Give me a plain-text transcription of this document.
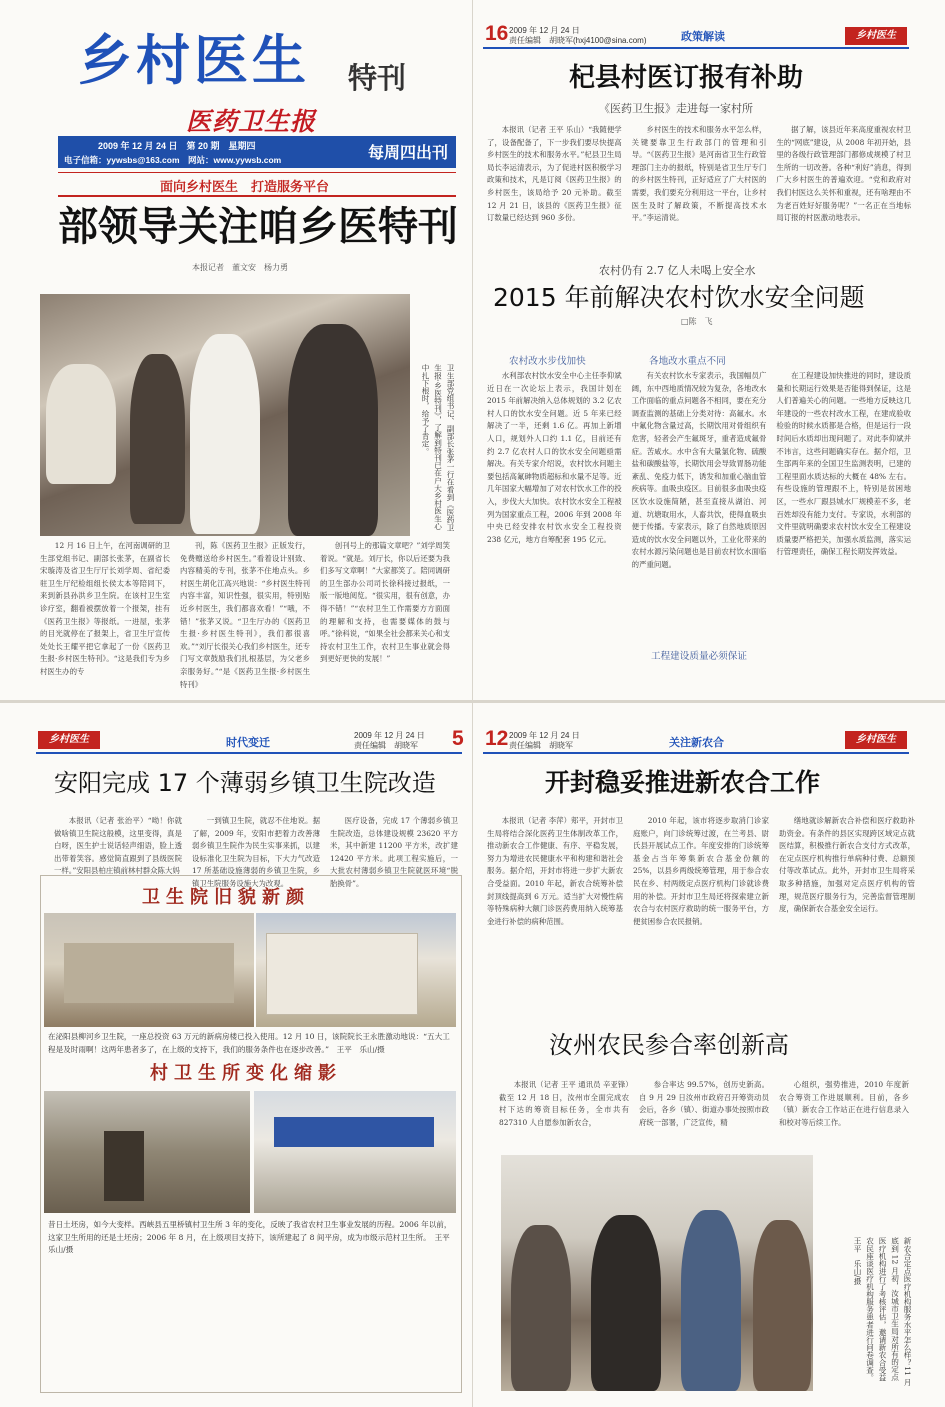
乡村医生 特刊
医药卫生报
2009 年 12 月 24 日　第 20 期　星期四
电子信箱：yywsbs@163.com　网站：www.yywsb.com	每周四出刊
面向乡村医生　打造服务平台
部领导关注咱乡医特刊
本报记者　董文安　杨力勇
卫生部党组书记、副部长张茅一行在看到《医药卫生报·乡医特刊》，了解到特刊已在户大乡村医生心中扎下根时，给予了肯定。

12 月 16 日上午，在河南调研的卫生部党组书记、副部长张茅，在副省长宋璇涛及省卫生厅厅长刘学周、省纪委驻卫生厅纪检组组长侯太本等陪同下，来到新县孙洪乡卫生院。在该村卫生室诊疗室，翻看被摆放着一个报架，挂有《医药卫生报》等报纸。一进屋，张茅的目光就停在了报架上，省卫生厅宣传处处长王耀平把它拿起了一份《医药卫生报·乡村医生特刊》。“这是我们专为乡村医生办的专

刊，陈《医药卫生报》正版发行，免费赠送给乡村医生。”看着设计别致、内容精美的专刊，张茅不住地点头。乡村医生胡化江高兴地说：“乡村医生特刊内容丰富，知识性强，很实用，特别贴近乡村医生，我们都喜欢看！”“哦，不错！”张茅又说。“卫生厅办的《医药卫生报·乡村医生特刊》，我们都很喜欢。”“刘厅长很关心我们乡村医生，还专门写文章鼓励我们扎根基层，为父老乡亲服务好。”“是《医药卫生报·乡村医生特刊》

创刊号上的那篇文章吧？”刘学周笑着说。“就是。刘厅长，你以后还要为我们多写文章啊！”大家都笑了。陪同调研的卫生部办公司司长徐科接过报纸，一版一版地阅览。“很实用，很有创意，办得不错！”“农村卫生工作需要方方面面的理解和支持，也需要媒体的鼓与呼。”徐科说，“如果全社会都来关心和支持农村卫生工作，农村卫生事业就会得到更好更快的发展！”

16 2009 年 12 月 24 日
责任编辑　胡晓军(hxj4100@sina.com)	政策解读	乡村医生
杞县村医订报有补助
《医药卫生报》走进每一家村所

本报讯（记者 王平 乐山）“我随便学了，设备配备了，下一步我们要尽快提高乡村医生的技术和服务水平。”杞县卫生局局长李运清表示，为了促进村医积极学习政策和技术，凡是订阅《医药卫生报》的乡村医生，该局给予 20 元补助。截至 12 月 21 日，该县的《医药卫生报》征订数量已经达到 960 多份。

乡村医生的技术和服务水平怎么样，关键要靠卫生行政部门的管理和引导。“《医药卫生报》是河南省卫生行政管理部门主办的报纸，特别是省卫生厅专门的乡村医生特刊，正好适应了广大村医的需要，我们要充分利用这一平台，让乡村医生及时了解政策，不断提高技术水平。”李运清说。

据了解，该县近年来高度重视农村卫生的“网底”建设，从 2008 年初开始，县里的各级行政管理部门都修成规模了村卫生所的一切改善。各种“利好”消息，得到广大乡村医生的普遍欢迎。“党和政府对我们村医这么关怀和重视，还有啥理由不为老百姓好好服务呢？”一名正在当地标局订报的村医激动地表示。

农村仍有 2.7 亿人未喝上安全水
2015 年前解决农村饮水安全问题
□陈　飞
农村改水步伐加快	各地改水重点不同
工程建设质量必须保证

水利部农村饮水安全中心主任李仰斌近日在一次论坛上表示，我国计划在 2015 年前解决纳入总体规划的 3.2 亿农村人口的饮水安全问题。近 5 年来已经解决了一半，还剩 1.6 亿。再加上新增人口，规划外人口约 1.1 亿，目前还有约 2.7 亿农村人口的饮水安全问题亟需解决。有关专家介绍说，农村饮水问题主要包括高氟砷物质超标和水量不足等。近几年国家大幅增加了对农村饮水工作的投入，步伐大大加快。农村饮水安全工程被列为国家重点工程，2006 年到 2008 年中央已经安排农村饮水安全工程投资 238 亿元，地方自筹配套 195 亿元。

有关农村饮水专家表示，我国幅员广阔，东中西地质情况较为复杂，各地改水工作面临的重点问题各不相同，要在充分调查监测的基础上分类对待：高氟水。水中氟化物含量过高，长期饮用对骨组织有危害，轻者会产生氟斑牙，重者造成氟骨症。苦咸水。水中含有大量氯化物、硫酸盐和碳酸盐等，长期饮用会导致胃肠功能紊乱、免疫力低下，诱发和加重心脑血管疾病等。血吸虫疫区。目前很多血吸虫疫区饮水设施简陋，甚至直接从湖泊、河道、坑塘取用水，人畜共饮，使得血吸虫便于传播。专家表示，除了自然地质原因造成的饮水安全问题以外，工业化带来的农村水源污染问题也是目前农村饮水面临的严重问题。

在工程建设加快推进的同时，建设质量和长期运行效果是否能得到保证，这是人们普遍关心的问题。一些地方反映这几年建设的一些农村改水工程，在建成验收检验的时候水质都是合格，但是运行一段时间后水质却出现问题了。对此李仰斌并不讳言，这些问题确实存在。据介绍，卫生部两年来的全国卫生监测表明，已建的工程里面水质达标的大概在 48% 左右。有些设施的管理跟不上，特别是贫困地区，一些水厂跟县城水厂规模差不多，老百姓却没有能力支付。专家说，水利部的文件里就明确要求农村饮水安全工程建设质量要严格把关，加强水质监测，落实运行管理责任，确保工程长期发挥效益。

乡村医生	时代变迁
2009 年 12 月 24 日
责任编辑　胡晓军	5
安阳完成 17 个薄弱乡镇卫生院改造

本报讯（记者 张治平）“呦！你就做啥镇卫生院这般模，这里变得，真是白呀，医生护士说话轻声细语，脸上透出带着笑容。感觉简直跟到了县级医院一样。”安阳县柏庄镇前林村群众陈大妈

一到镇卫生院，就忍不住地说。据了解，2009 年，安阳市把着力改善薄弱乡镇卫生院作为民生实事来抓，以建设标准化卫生院为目标，下大力气改造 17 所基础设施薄弱的乡镇卫生院，乡镇卫生院服务设施大为改观。

医疗设备，完成 17 个薄弱乡镇卫生院改造，总体建设规模 23620 平方米，其中新建 11200 平方米，改扩建 12420 平方米。此项工程实施后，一大批农村薄弱乡镇卫生院就医环境“脱胎换骨”。

卫生院旧貌新颜
在泌阳县柳河乡卫生院，一座总投资 63 万元的新病房楼已投入使用。12 月 10 日，该院院长王永胜激动地说：“五大工程是及时雨啊！这两年患者多了，在上级的支持下，我们的服务条件也在逐步改善。”　王平　乐山/摄
村卫生所变化缩影
昔日土坯房，如今大变样。西峡县五里桥镇村卫生所 3 年的变化，反映了我省农村卫生事业发展的历程。2006 年以前，这家卫生所用的还是土坯房；2006 年 8 月，在上级项目支持下，该所建起了 8 间平房，成为市级示范村卫生所。　王平　乐山/摄
12 2009 年 12 月 24 日
责任编辑　胡晓军	关注新农合	乡村医生
开封稳妥推进新农合工作

本报讯（记者 李萍）郏平，开封市卫生局将结合深化医药卫生体制改革工作，推动新农合工作健康、有序、平稳发展，努力为增进农民健康水平和构建和谐社会服务。据介绍，开封市将进一步扩大新农合受益面。2010 年起，新农合统筹补偿封顶线提高到 6 万元。适当扩大对慢性病等特殊病种大额门诊医药费用纳入统筹基金进行补偿的病种范围。

2010 年起，该市将逐步取消门诊家庭账户，向门诊统筹过渡，在兰考县、尉氏县开展试点工作。年度安排的门诊统筹基金占当年筹集新农合基金份额的 25%，以县乡两级统筹管理，用于参合农民在乡、村两级定点医疗机构门诊就诊费用的补偿。开封市卫生局还将探索建立新农合与农村医疗救助的统一服务平台，方便贫困参合农民报销。

缮地就诊解新农合补偿和医疗救助补助资金。有条件的县区实现跨区域定点就医结算，积极推行新农合支付方式改革，在定点医疗机构推行单病种付费、总额预付等改革试点。此外，开封市卫生局将采取多种措施，加强对定点医疗机构的管理，规范医疗服务行为，完善监督管理制度，确保新农合基金安全运行。

汝州农民参合率创新高

本报讯（记者 王平 通讯员 辛亚锋）截至 12 月 18 日，汝州市全面完成农村下达的筹资目标任务，全市共有 827310 人自愿参加新农合，

参合率达 99.57%，创历史新高。自 9 月 29 日汝州市政府召开筹资动员会后，各乡（镇）、街道办事处按照市政府统一部署，广泛宣传，精

心组织，强势推进，2010 年度新农合筹资工作进展顺利。目前，各乡（镇）新农合工作站正在进行信息录入和校对等后续工作。

新农合定点医疗机构服务水平怎么样？11 月底到 12 月初，汝城市卫生局对所有的定点医疗机构进行了考核评估，邀请新农合受益农民座谈医疗机构服务患者进行问卷调查。　王平　乐山/摄
